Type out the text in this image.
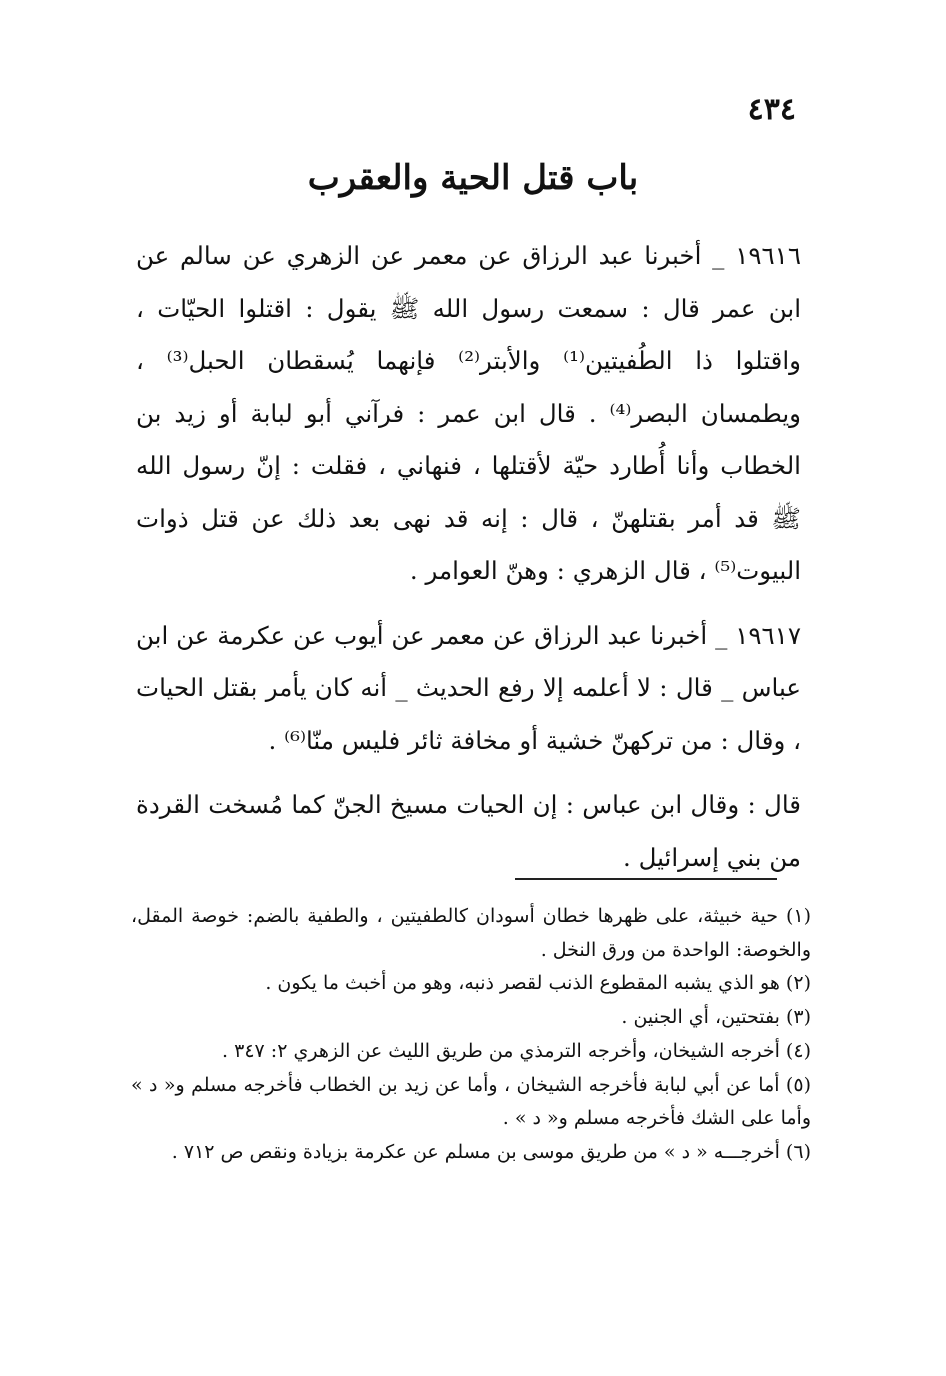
٤٣٤
باب قتل الحية والعقرب

١٩٦١٦ _ أخبرنا عبد الرزاق عن معمر عن الزهري عن سالم عن ابن عمر قال : سمعت رسول الله ﷺ يقول : اقتلوا الحيّات ، واقتلوا ذا الطُفيتين⁽¹⁾ والأبتر⁽²⁾ فإنهما يُسقطان الحبل⁽³⁾ ، ويطمسان البصر⁽⁴⁾ . قال ابن عمر : فرآني أبو لبابة أو زيد بن الخطاب وأنا أُطارد حيّة لأقتلها ، فنهاني ، فقلت : إنّ رسول الله ﷺ قد أمر بقتلهنّ ، قال : إنه قد نهى بعد ذلك عن قتل ذوات البيوت⁽⁵⁾ ، قال الزهري : وهنّ العوامر .

١٩٦١٧ _ أخبرنا عبد الرزاق عن معمر عن أيوب عن عكرمة عن ابن عباس _ قال : لا أعلمه إلا رفع الحديث _ أنه كان يأمر بقتل الحيات ، وقال : من تركهنّ خشية أو مخافة ثائر فليس منّا⁽⁶⁾ .

قال : وقال ابن عباس : إن الحيات مسيخ الجنّ كما مُسخت القردة من بني إسرائيل .

(١) حية خبيثة، على ظهرها خطان أسودان كالطفيتين ، والطفية بالضم: خوصة المقل، والخوصة: الواحدة من ورق النخل .

(٢) هو الذي يشبه المقطوع الذنب لقصر ذنبه، وهو من أخبث ما يكون .

(٣) بفتحتين، أي الجنين .

(٤) أخرجه الشيخان، وأخرجه الترمذي من طريق الليث عن الزهري ٢: ٣٤٧ .

(٥) أما عن أبي لبابة فأخرجه الشيخان ، وأما عن زيد بن الخطاب فأخرجه مسلم و« د » وأما على الشك فأخرجه مسلم و« د » .

(٦) أخرجـــه « د » من طريق موسى بن مسلم عن عكرمة بزيادة ونقص ص ٧١٢ .
